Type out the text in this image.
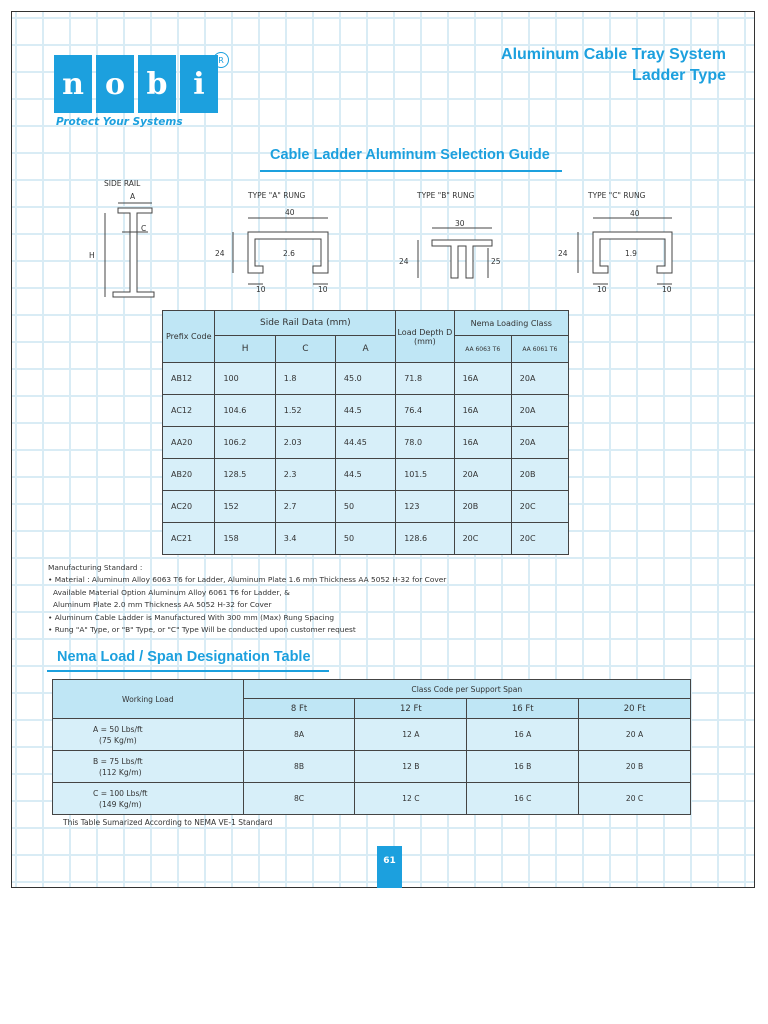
n o b i
R
Protect Your Systems
Aluminum Cable Tray System
Ladder Type
Cable Ladder Aluminum Selection Guide
SIDE RAIL
A
C
H
TYPE "A" RUNG
40
24	2.6
10	10
TYPE "B" RUNG
30
24	25
TYPE "C" RUNG
40
24	1.9
10	10
Prefix Code	Side Rail Data (mm)			Load Depth D (mm)	Nema Loading Class	
	H	C	A		AA 6063 T6	AA 6061 T6
AB12	100	1.8	45.0	71.8	16A	20A
AC12	104.6	1.52	44.5	76.4	16A	20A
AA20	106.2	2.03	44.45	78.0	16A	20A
AB20	128.5	2.3	44.5	101.5	20A	20B
AC20	152	2.7	50	123	20B	20C
AC21	158	3.4	50	128.6	20C	20C
Manufacturing Standard :
• Material : Aluminum Alloy 6063 T6 for Ladder, Aluminum Plate 1.6 mm Thickness AA 5052 H-32 for Cover
Available Material Option Aluminum Alloy 6061 T6 for Ladder, &
Aluminum Plate 2.0 mm Thickness AA 5052 H-32 for Cover
• Aluminum Cable Ladder is Manufactured With 300 mm (Max) Rung Spacing
• Rung "A" Type, or "B" Type, or "C" Type Will be conducted upon customer request
Nema Load / Span Designation Table
Working Load	Class Code per Support Span			
	8 Ft	12 Ft	16 Ft	20 Ft

A = 50 Lbs/ft
(75 Kg/m)	8A	12 A	16 A	20 A

B = 75 Lbs/ft
(112 Kg/m)	8B	12 B	16 B	20 B

C = 100 Lbs/ft
(149 Kg/m)	8C	12 C	16 C	20 C
This Table Sumarized According to NEMA VE-1 Standard
61
